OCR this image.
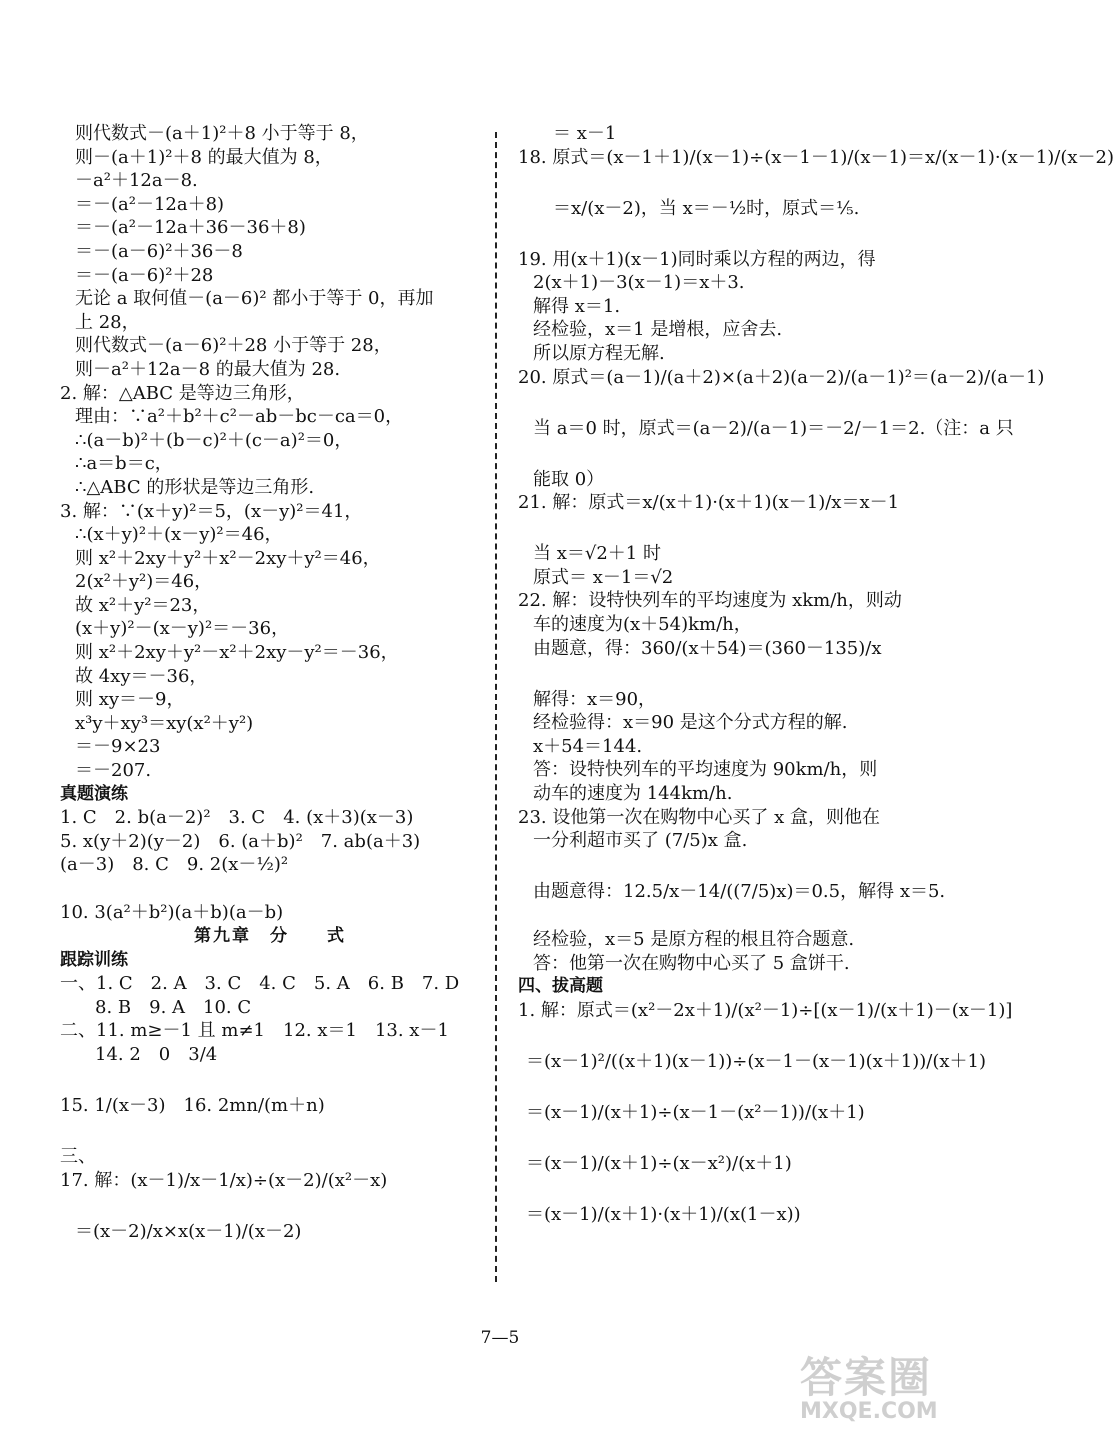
则代数式－(a＋1)²＋8 小于等于 8，
则－(a＋1)²＋8 的最大值为 8，
－a²＋12a－8.
＝－(a²－12a＋8)
＝－(a²－12a＋36－36＋8)
＝－(a－6)²＋36－8
＝－(a－6)²＋28
无论 a 取何值－(a－6)² 都小于等于 0，再加
上 28，
则代数式－(a－6)²＋28 小于等于 28，
则－a²＋12a－8 的最大值为 28.
2. 解：△ABC 是等边三角形，
理由：∵a²＋b²＋c²－ab－bc－ca＝0，
∴(a－b)²＋(b－c)²＋(c－a)²＝0，
∴a＝b＝c，
∴△ABC 的形状是等边三角形.
3. 解：∵(x＋y)²＝5，(x－y)²＝41，
∴(x＋y)²＋(x－y)²＝46，
则 x²＋2xy＋y²＋x²－2xy＋y²＝46，
2(x²＋y²)＝46，
故 x²＋y²＝23，
(x＋y)²－(x－y)²＝－36，
则 x²＋2xy＋y²－x²＋2xy－y²＝－36，
故 4xy＝－36，
则 xy＝－9，
x³y＋xy³＝xy(x²＋y²)
＝－9×23
＝－207.
真题演练
1. C　2. b(a－2)²　3. C　4. (x＋3)(x－3)
5. x(y＋2)(y－2)　6. (a＋b)²　7. ab(a＋3)
(a－3)　8. C　9. 2(x－½)²
10. 3(a²＋b²)(a＋b)(a－b)
第九章　分　　式
跟踪训练
一、1. C　2. A　3. C　4. C　5. A　6. B　7. D
8. B　9. A　10. C
二、11. m≥－1 且 m≠1　12. x＝1　13. x－1
14. 2　0　3/4
15. 1/(x－3)　16. 2mn/(m＋n)
三、
17. 解：(x－1)/x－1/x)÷(x－2)/(x²－x)
＝(x－2)/x×x(x－1)/(x－2)
＝ x－1
18. 原式＝(x－1＋1)/(x－1)÷(x－1－1)/(x－1)＝x/(x－1)·(x－1)/(x－2)
＝x/(x－2)，当 x＝－½时，原式＝⅕.
19. 用(x＋1)(x－1)同时乘以方程的两边，得
2(x＋1)－3(x－1)＝x＋3.
解得 x＝1.
经检验，x＝1 是增根，应舍去.
所以原方程无解.
20. 原式＝(a－1)/(a＋2)×(a＋2)(a－2)/(a－1)²＝(a－2)/(a－1)
当 a＝0 时，原式＝(a－2)/(a－1)＝－2/－1＝2.（注：a 只
能取 0）
21. 解：原式＝x/(x＋1)·(x＋1)(x－1)/x＝x－1
当 x＝√2＋1 时
原式＝ x－1＝√2
22. 解：设特快列车的平均速度为 xkm/h，则动
车的速度为(x＋54)km/h，
由题意，得：360/(x＋54)＝(360－135)/x
解得：x＝90，
经检验得：x＝90 是这个分式方程的解.
x＋54＝144.
答：设特快列车的平均速度为 90km/h，则
动车的速度为 144km/h.
23. 设他第一次在购物中心买了 x 盒，则他在
一分利超市买了 (7/5)x 盒.
由题意得：12.5/x－14/((7/5)x)＝0.5，解得 x＝5.
经检验，x＝5 是原方程的根且符合题意.
答：他第一次在购物中心买了 5 盒饼干.
四、拔高题
1. 解：原式＝(x²－2x＋1)/(x²－1)÷[(x－1)/(x＋1)－(x－1)]
＝(x－1)²/((x＋1)(x－1))÷(x－1－(x－1)(x＋1))/(x＋1)
＝(x－1)/(x＋1)÷(x－1－(x²－1))/(x＋1)
＝(x－1)/(x＋1)÷(x－x²)/(x＋1)
＝(x－1)/(x＋1)·(x＋1)/(x(1－x))
7—5
答案圈
MXQE.COM
